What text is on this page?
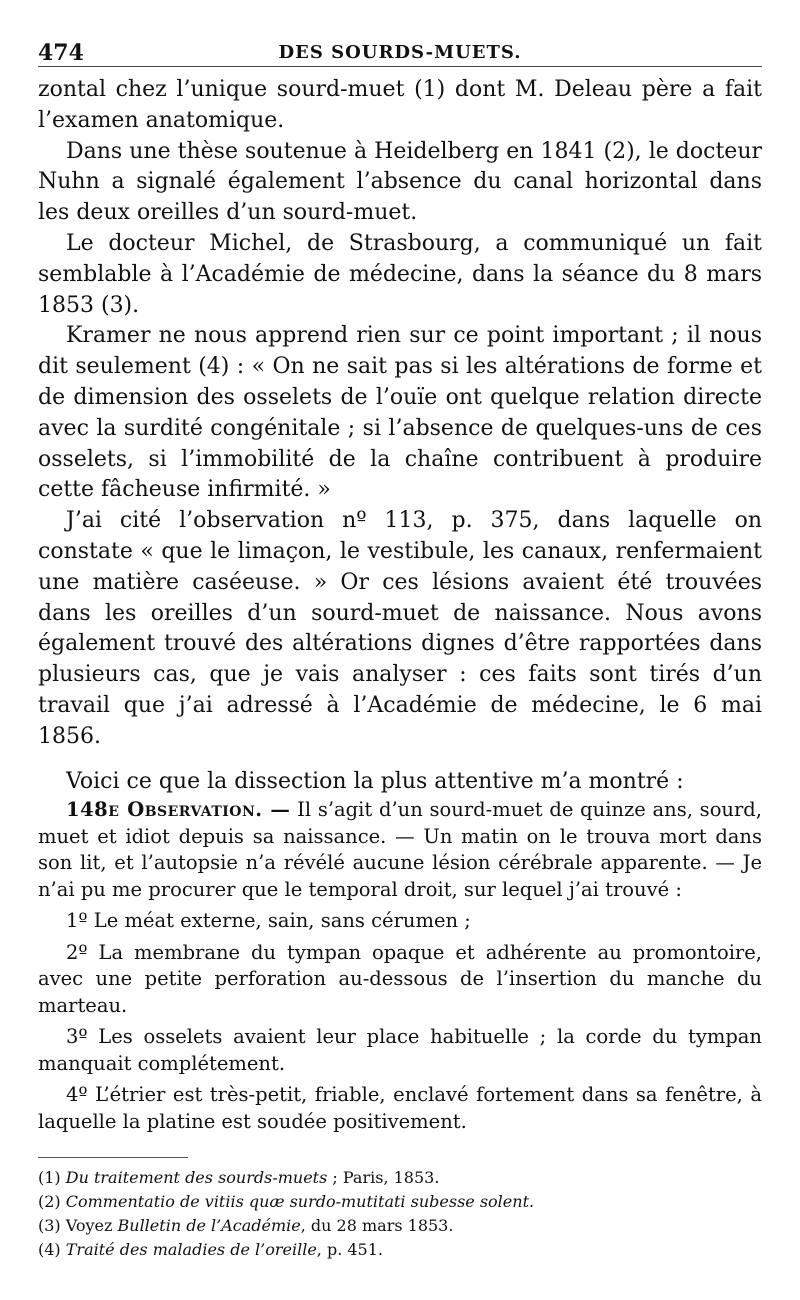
474	DES SOURDS-MUETS.

zontal chez l’unique sourd-muet (1) dont M. Deleau père a fait l’examen anatomique.

Dans une thèse soutenue à Heidelberg en 1841 (2), le docteur Nuhn a signalé également l’absence du canal horizontal dans les deux oreilles d’un sourd-muet.

Le docteur Michel, de Strasbourg, a communiqué un fait semblable à l’Académie de médecine, dans la séance du 8 mars 1853 (3).

Kramer ne nous apprend rien sur ce point important ; il nous dit seulement (4) : « On ne sait pas si les altérations de forme et de dimension des osselets de l’ouïe ont quelque relation directe avec la surdité congénitale ; si l’absence de quelques-uns de ces osselets, si l’immobilité de la chaîne contribuent à produire cette fâcheuse infirmité. »

J’ai cité l’observation nº 113, p. 375, dans laquelle on constate « que le limaçon, le vestibule, les canaux, renfermaient une matière caséeuse. » Or ces lésions avaient été trouvées dans les oreilles d’un sourd-muet de naissance. Nous avons également trouvé des altérations dignes d’être rapportées dans plusieurs cas, que je vais analyser : ces faits sont tirés d’un travail que j’ai adressé à l’Académie de médecine, le 6 mai 1856.

Voici ce que la dissection la plus attentive m’a montré :

148e Observation. — Il s’agit d’un sourd-muet de quinze ans, sourd, muet et idiot depuis sa naissance. — Un matin on le trouva mort dans son lit, et l’autopsie n’a révélé aucune lésion cérébrale apparente. — Je n’ai pu me procurer que le temporal droit, sur lequel j’ai trouvé :

1º Le méat externe, sain, sans cérumen ;

2º La membrane du tympan opaque et adhérente au promontoire, avec une petite perforation au-dessous de l’insertion du manche du marteau.

3º Les osselets avaient leur place habituelle ; la corde du tympan manquait complétement.

4º L’étrier est très-petit, friable, enclavé fortement dans sa fenêtre, à laquelle la platine est soudée positivement.

(1) Du traitement des sourds-muets ; Paris, 1853.

(2) Commentatio de vitiis quæ surdo-mutitati subesse solent.

(3) Voyez Bulletin de l’Académie, du 28 mars 1853.

(4) Traité des maladies de l’oreille, p. 451.
